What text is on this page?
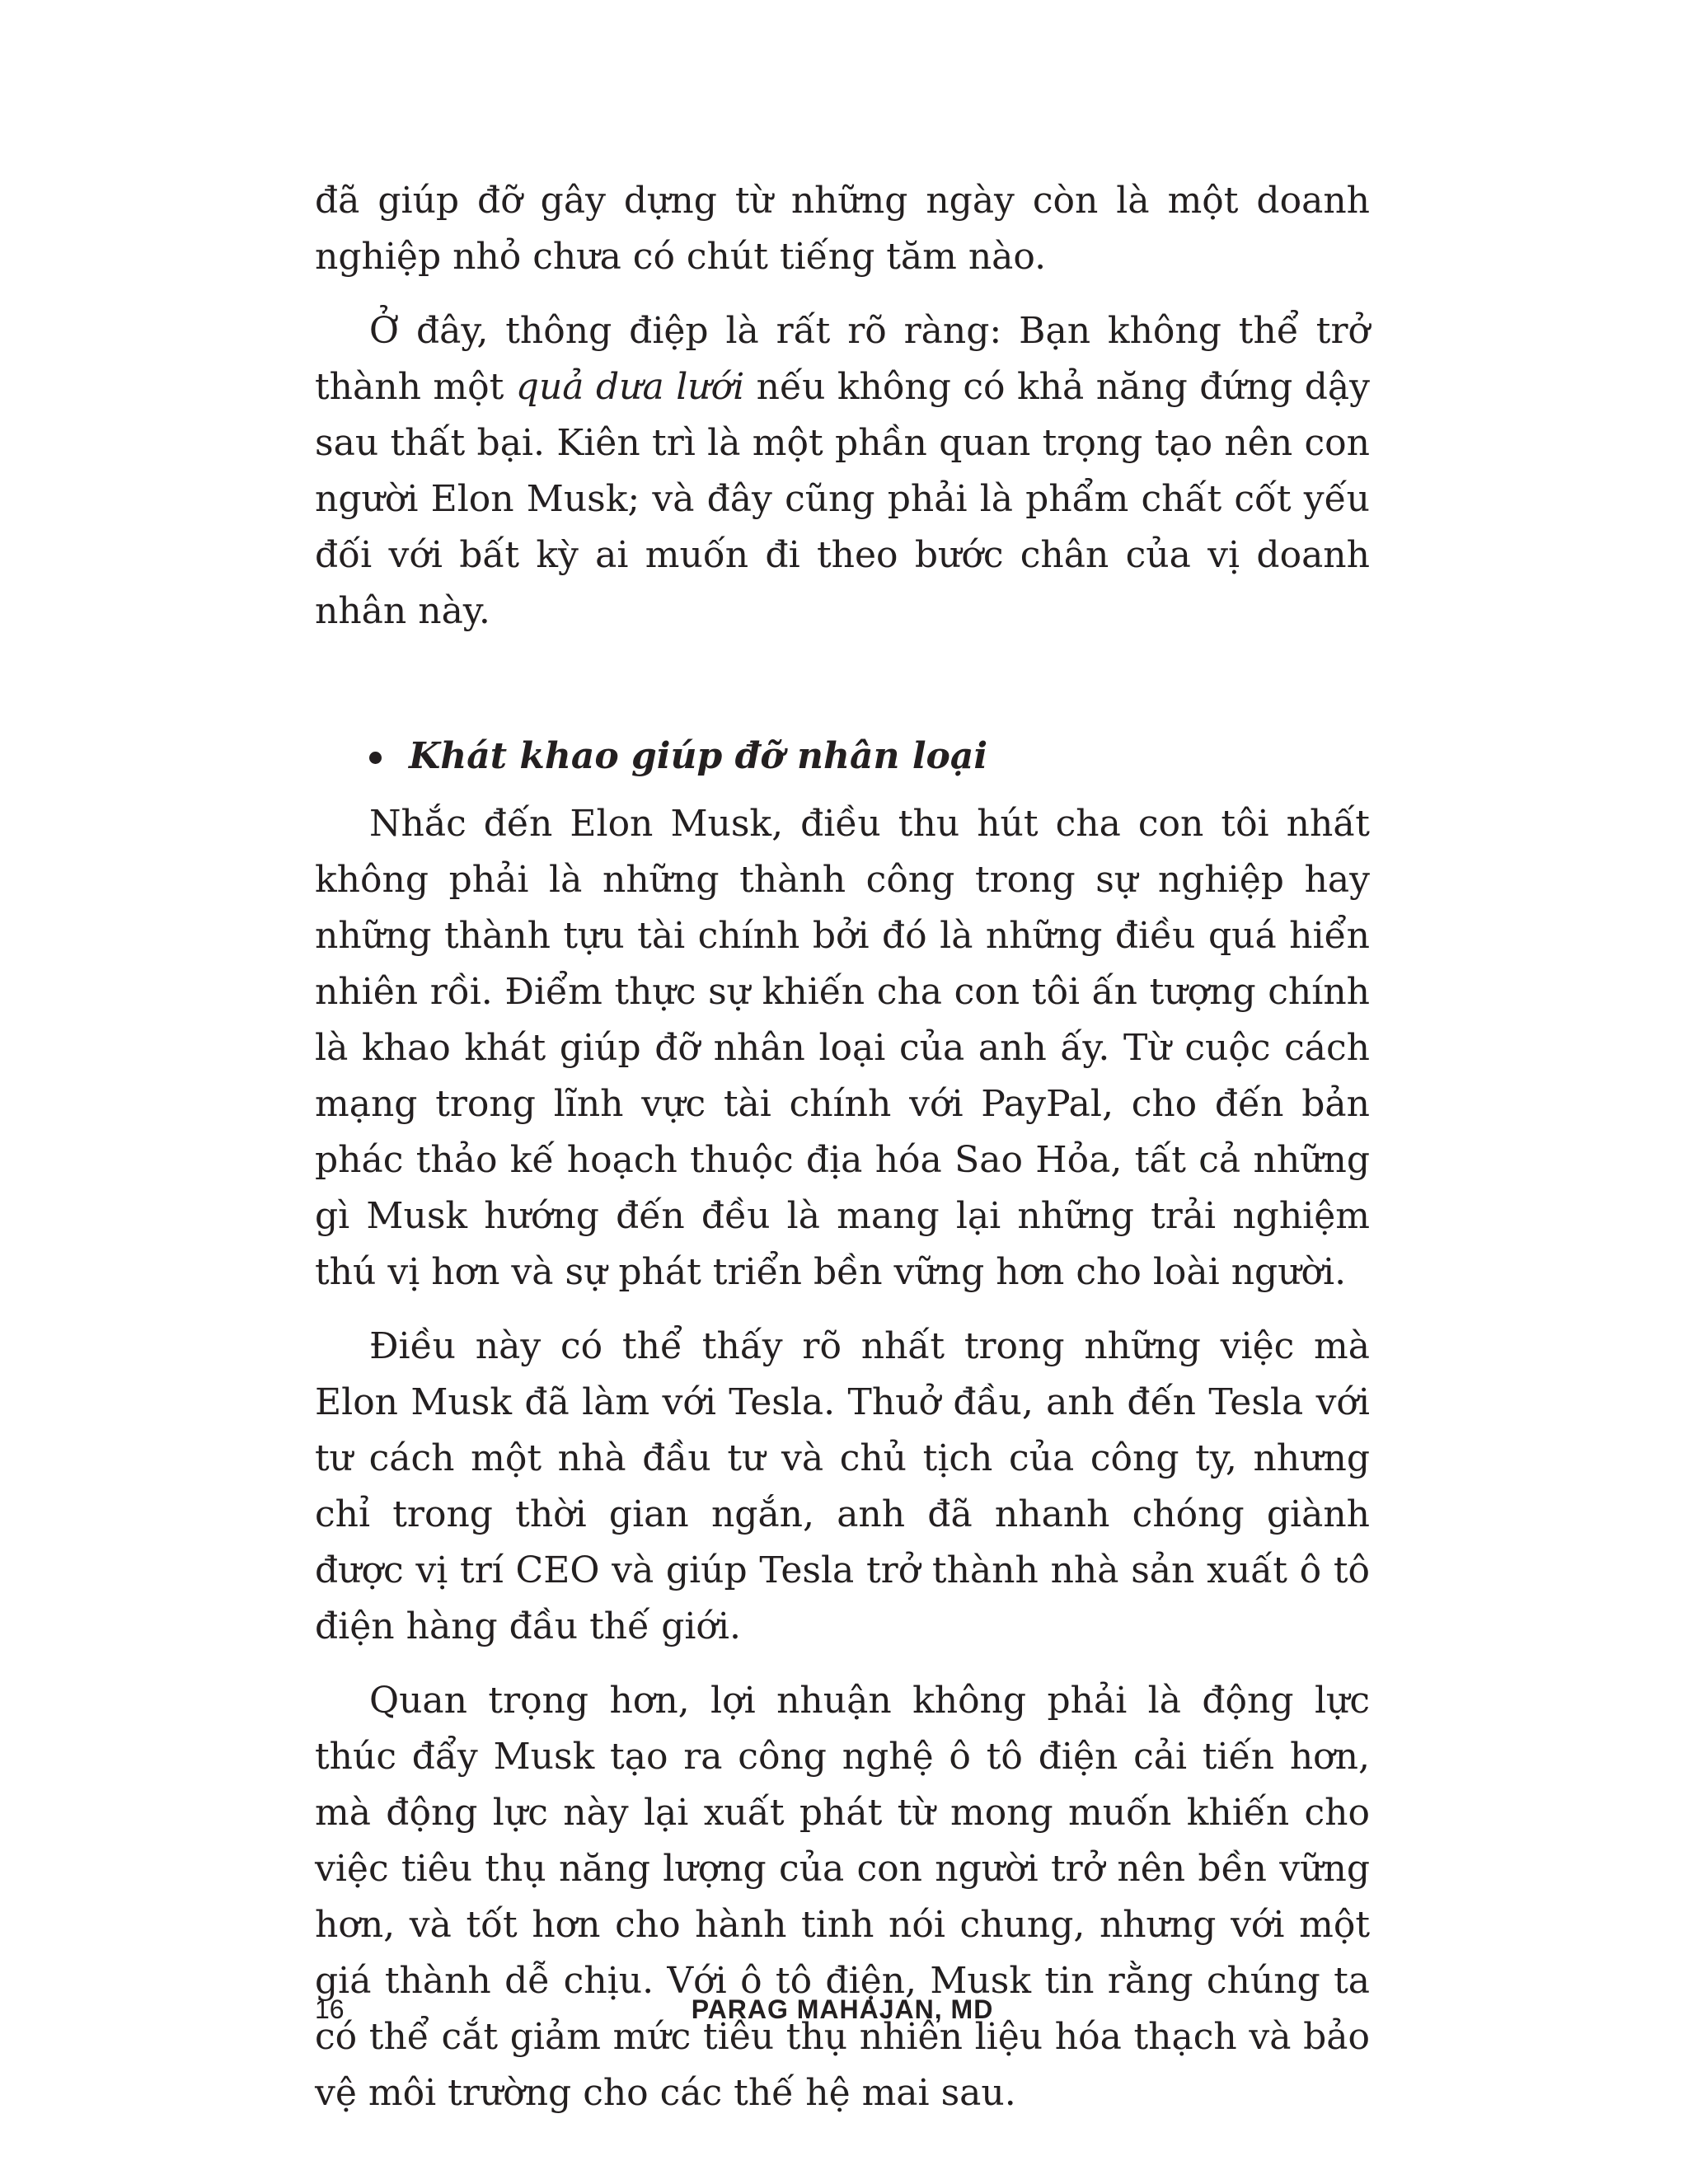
đã giúp đỡ gây dựng từ những ngày còn là một doanh nghiệp nhỏ chưa có chút tiếng tăm nào.

Ở đây, thông điệp là rất rõ ràng: Bạn không thể trở thành một quả dưa lưới nếu không có khả năng đứng dậy sau thất bại. Kiên trì là một phần quan trọng tạo nên con người Elon Musk; và đây cũng phải là phẩm chất cốt yếu đối với bất kỳ ai muốn đi theo bước chân của vị doanh nhân này.

Khát khao giúp đỡ nhân loại

Nhắc đến Elon Musk, điều thu hút cha con tôi nhất không phải là những thành công trong sự nghiệp hay những thành tựu tài chính bởi đó là những điều quá hiển nhiên rồi. Điểm thực sự khiến cha con tôi ấn tượng chính là khao khát giúp đỡ nhân loại của anh ấy. Từ cuộc cách mạng trong lĩnh vực tài chính với PayPal, cho đến bản phác thảo kế hoạch thuộc địa hóa Sao Hỏa, tất cả những gì Musk hướng đến đều là mang lại những trải nghiệm thú vị hơn và sự phát triển bền vững hơn cho loài người.

Điều này có thể thấy rõ nhất trong những việc mà Elon Musk đã làm với Tesla. Thuở đầu, anh đến Tesla với tư cách một nhà đầu tư và chủ tịch của công ty, nhưng chỉ trong thời gian ngắn, anh đã nhanh chóng giành được vị trí CEO và giúp Tesla trở thành nhà sản xuất ô tô điện hàng đầu thế giới.

Quan trọng hơn, lợi nhuận không phải là động lực thúc đẩy Musk tạo ra công nghệ ô tô điện cải tiến hơn, mà động lực này lại xuất phát từ mong muốn khiến cho việc tiêu thụ năng lượng của con người trở nên bền vững hơn, và tốt hơn cho hành tinh nói chung, nhưng với một giá thành dễ chịu. Với ô tô điện, Musk tin rằng chúng ta có thể cắt giảm mức tiêu thụ nhiên liệu hóa thạch và bảo vệ môi trường cho các thế hệ mai sau.

16	PARAG MAHAJAN, MD
